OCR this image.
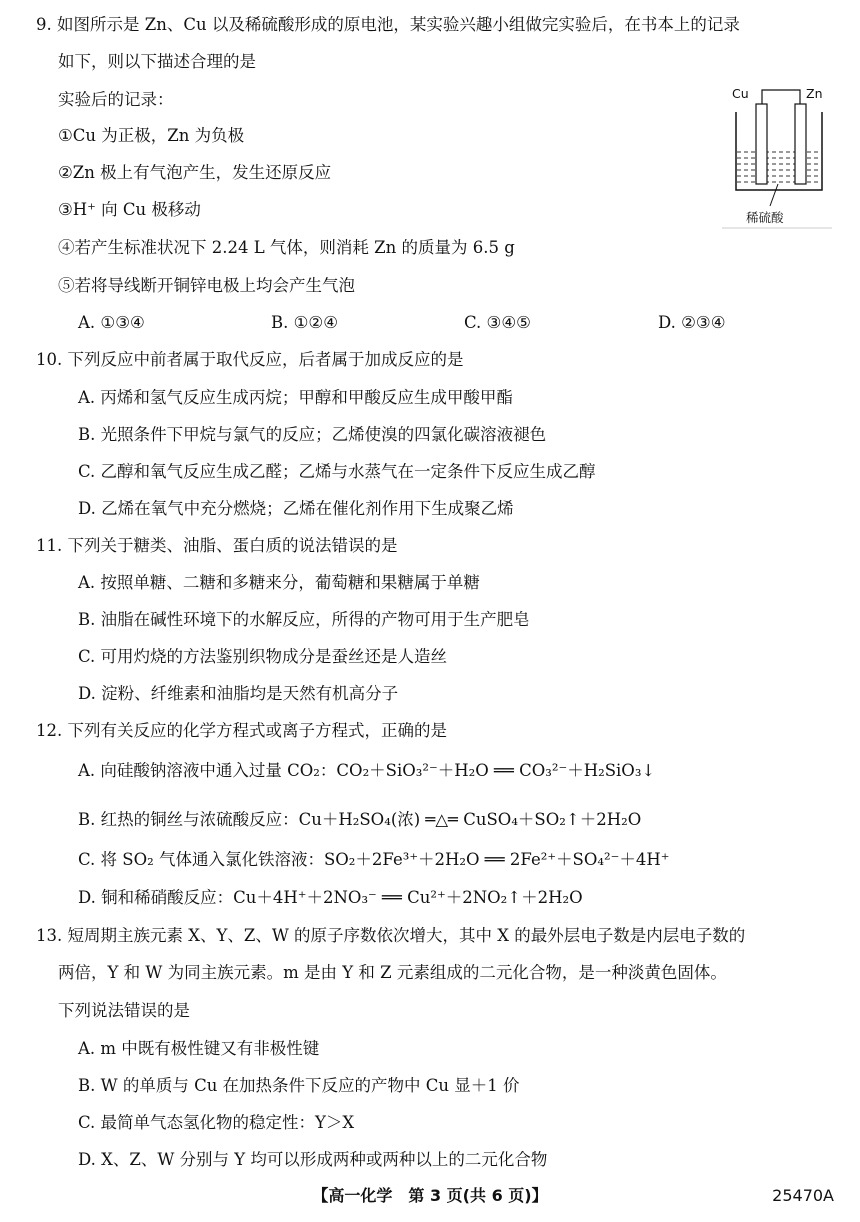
9. 如图所示是 Zn、Cu 以及稀硫酸形成的原电池，某实验兴趣小组做完实验后，在书本上的记录
如下，则以下描述合理的是
实验后的记录：
①Cu 为正极，Zn 为负极
②Zn 极上有气泡产生，发生还原反应
③H⁺ 向 Cu 极移动
④若产生标准状况下 2.24 L 气体，则消耗 Zn 的质量为 6.5 g
⑤若将导线断开铜锌电极上均会产生气泡
A. ①③④	B. ①②④	C. ③④⑤	D. ②③④
Cu	Zn
稀硫酸
10. 下列反应中前者属于取代反应，后者属于加成反应的是
A. 丙烯和氢气反应生成丙烷；甲醇和甲酸反应生成甲酸甲酯
B. 光照条件下甲烷与氯气的反应；乙烯使溴的四氯化碳溶液褪色
C. 乙醇和氧气反应生成乙醛；乙烯与水蒸气在一定条件下反应生成乙醇
D. 乙烯在氧气中充分燃烧；乙烯在催化剂作用下生成聚乙烯
11. 下列关于糖类、油脂、蛋白质的说法错误的是
A. 按照单糖、二糖和多糖来分，葡萄糖和果糖属于单糖
B. 油脂在碱性环境下的水解反应，所得的产物可用于生产肥皂
C. 可用灼烧的方法鉴别织物成分是蚕丝还是人造丝
D. 淀粉、纤维素和油脂均是天然有机高分子
12. 下列有关反应的化学方程式或离子方程式，正确的是
A. 向硅酸钠溶液中通入过量 CO₂：CO₂＋SiO₃²⁻＋H₂O ══ CO₃²⁻＋H₂SiO₃↓
B. 红热的铜丝与浓硫酸反应：Cu＋H₂SO₄(浓) ═△═ CuSO₄＋SO₂↑＋2H₂O
C. 将 SO₂ 气体通入氯化铁溶液：SO₂＋2Fe³⁺＋2H₂O ══ 2Fe²⁺＋SO₄²⁻＋4H⁺
D. 铜和稀硝酸反应：Cu＋4H⁺＋2NO₃⁻ ══ Cu²⁺＋2NO₂↑＋2H₂O
13. 短周期主族元素 X、Y、Z、W 的原子序数依次增大，其中 X 的最外层电子数是内层电子数的
两倍，Y 和 W 为同主族元素。m 是由 Y 和 Z 元素组成的二元化合物，是一种淡黄色固体。
下列说法错误的是
A. m 中既有极性键又有非极性键
B. W 的单质与 Cu 在加热条件下反应的产物中 Cu 显＋1 价
C. 最简单气态氢化物的稳定性：Y＞X
D. X、Z、W 分别与 Y 均可以形成两种或两种以上的二元化合物
【高一化学　第 3 页(共 6 页)】	25470A
